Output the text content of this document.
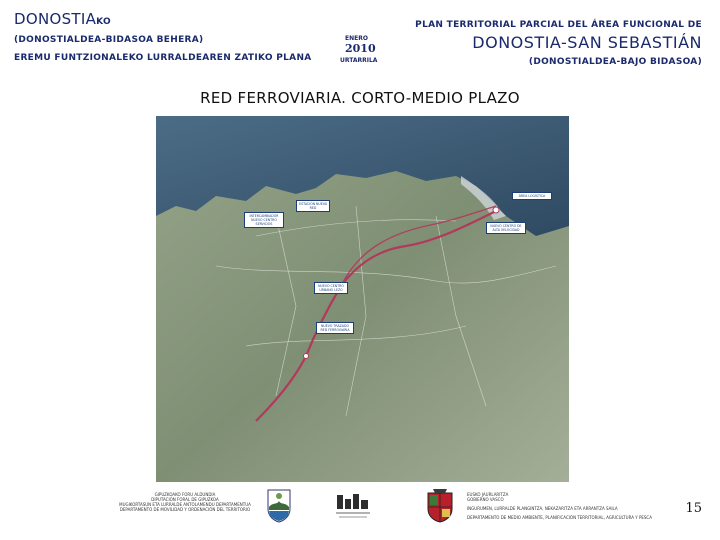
DONOSTIAKO
(DONOSTIALDEA-BIDASOA BEHERA)
EREMU FUNTZIONALEKO LURRALDEAREN ZATIKO PLANA
ENERO
2010
URTARRILA
PLAN TERRITORIAL PARCIAL DEL ÁREA FUNCIONAL DE
DONOSTIA-SAN SEBASTIÁN
(DONOSTIALDEA-BAJO BIDASOA)
RED FERROVIARIA. CORTO-MEDIO PLAZO
INTERCAMBIADOR NUEVO CENTRO SERVICIOS
ESTACIÓN NUEVA RED
NUEVO CENTRO URBANO LEZO
NUEVO TRAZADO RED FERROVIARIA
NUEVO CENTRO DE ALTA VELOCIDAD
ÁREA LOGÍSTICA
GIPUZKOAKO FORU ALDUNDIA
DIPUTACIÓN FORAL DE GIPUZKOA
MUGIKORTASUN ETA LURRALDE ANTOLAMENDU DEPARTAMENTUA
DEPARTAMENTO DE MOVILIDAD Y ORDENACIÓN DEL TERRITORIO
EUSKO JAURLARITZA
GOBIERNO VASCO
INGURUMEN, LURRALDE PLANGINTZA, NEKAZARITZA ETA ARRANTZA SAILA
DEPARTAMENTO DE MEDIO AMBIENTE, PLANIFICACIÓN TERRITORIAL, AGRICULTURA Y PESCA
15
